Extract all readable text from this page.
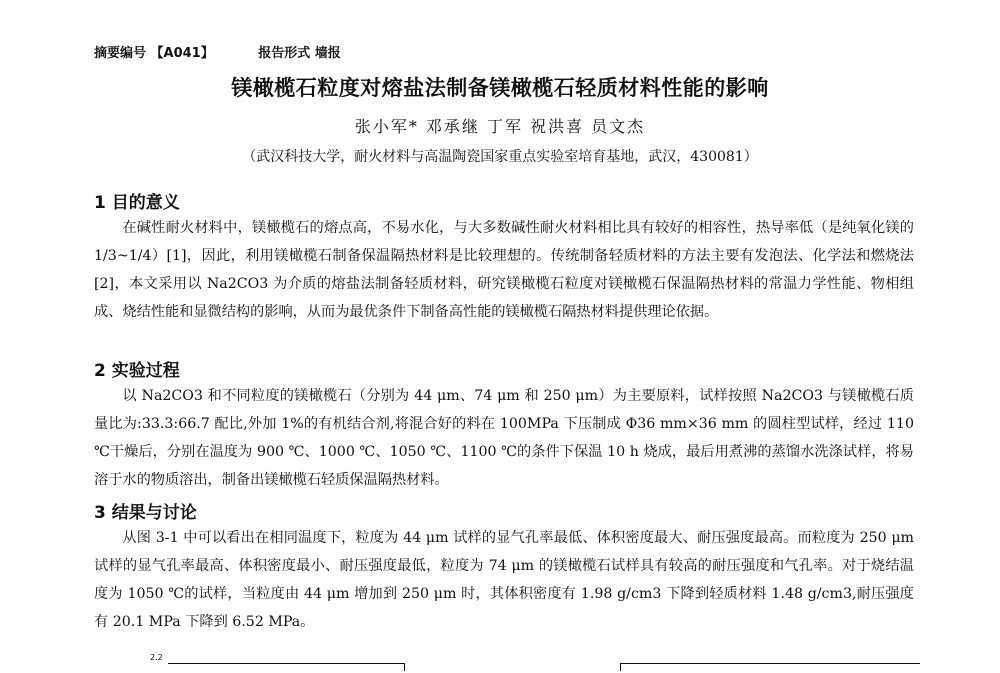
摘要编号 【A041】	报告形式 墙报
镁橄榄石粒度对熔盐法制备镁橄榄石轻质材料性能的影响
张小军* 邓承继 丁军 祝洪喜 员文杰
（武汉科技大学，耐火材料与高温陶瓷国家重点实验室培育基地，武汉，430081）
1 目的意义
在碱性耐火材料中，镁橄榄石的熔点高，不易水化，与大多数碱性耐火材料相比具有较好的相容性，热导率低（是纯氧化镁的 1/3~1/4）[1]，因此，利用镁橄榄石制备保温隔热材料是比较理想的。传统制备轻质材料的方法主要有发泡法、化学法和燃烧法[2]，本文采用以 Na2CO3 为介质的熔盐法制备轻质材料，研究镁橄榄石粒度对镁橄榄石保温隔热材料的常温力学性能、物相组成、烧结性能和显微结构的影响，从而为最优条件下制备高性能的镁橄榄石隔热材料提供理论依据。
2 实验过程
以 Na2CO3 和不同粒度的镁橄榄石（分别为 44 μm、74 μm 和 250 μm）为主要原料，试样按照 Na2CO3 与镁橄榄石质量比为:33.3:66.7 配比,外加 1%的有机结合剂,将混合好的料在 100MPa 下压制成 Φ36 mm×36 mm 的圆柱型试样，经过 110 ℃干燥后，分别在温度为 900 ℃、1000 ℃、1050 ℃、1100 ℃的条件下保温 10 h 烧成，最后用煮沸的蒸馏水洗涤试样，将易溶于水的物质溶出，制备出镁橄榄石轻质保温隔热材料。
3 结果与讨论
从图 3-1 中可以看出在相同温度下，粒度为 44 μm 试样的显气孔率最低、体积密度最大、耐压强度最高。而粒度为 250 μm 试样的显气孔率最高、体积密度最小、耐压强度最低，粒度为 74 μm 的镁橄榄石试样具有较高的耐压强度和气孔率。对于烧结温度为 1050 ℃的试样，当粒度由 44 μm 增加到 250 μm 时，其体积密度有 1.98 g/cm3 下降到轻质材料 1.48 g/cm3,耐压强度有 20.1 MPa 下降到 6.52 MPa。
2.2
